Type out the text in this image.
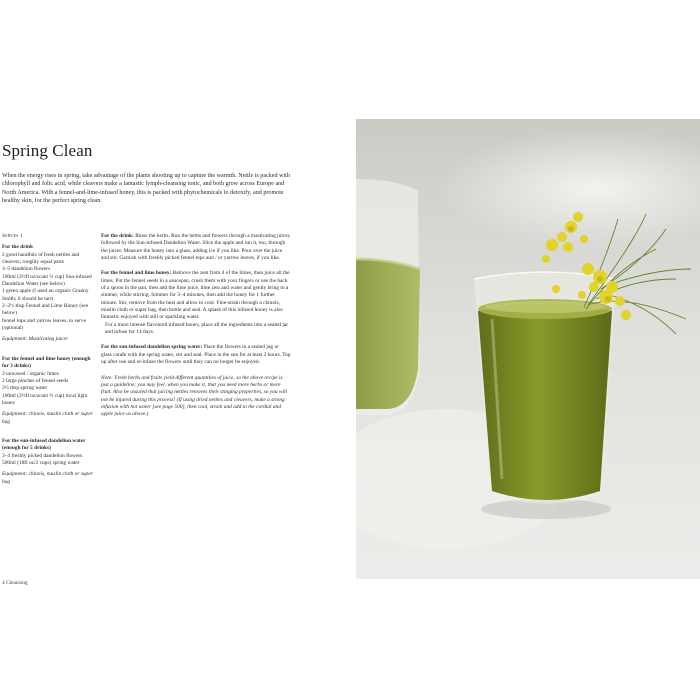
Spring Clean

When the energy rises in spring, take advantage of the plants shooting up to capture the warmth. Nettle is packed with chlorophyll and folic acid, while cleavers make a fantastic lymph-cleansing tonic, and both grow across Europe and North America. With a fennel-and-lime-infused honey, this is packed with phytochemicals to detoxify, and promote healthy skin, for the perfect spring clean.

Serves 1

For the drink

2 good handfuls of fresh nettles and cleavers, roughly equal parts

3–5 dandelion flowers

100ml (3½fl oz/scant ½ cup) Sun-infused Dandelion Water (see below)

1 green apple (I used an organic Granny Smith; it should be tart)

2–2½ tbsp Fennel and Lime Honey (see below)

fennel tops and yarrow leaves, to serve (optional)

Equipment: Masticating juicer

For the fennel and lime honey (enough for 3 drinks)

3 unwaxed / organic limes

2 large pinches of fennel seeds

3½ tbsp spring water

100ml (3½fl oz/scant ½ cup) local light honey

Equipment: chinois, muslin cloth or super bag

For the sun-infused dandelion water (enough for 5 drinks)

3–4 freshly picked dandelion flowers

500ml (18fl oz/2 cups) spring water

Equipment: chinois, muslin cloth or super bag

For the drink: Rinse the herbs. Run the herbs and flowers through a masticating juicer, followed by the Sun-infused Dandelion Water. Slice the apple and run it, too, through the juicer. Measure the honey into a glass, adding ice if you like. Pour over the juice and stir. Garnish with freshly picked fennel tops and / or yarrow leaves, if you like.

For the fennel and lime honey: Remove the zest from 4 of the limes, then juice all the limes. Put the fennel seeds in a saucepan, crush them with your fingers or use the back of a spoon in the pan, then add the lime juice, lime zest and water and gently bring to a simmer, while stirring. Simmer for 3–4 minutes, then add the honey for 1 further minute. Stir, remove from the heat and allow to cool. Fine-strain through a chinois, muslin cloth or super bag, then bottle and seal. A splash of this infused honey is also fantastic enjoyed with still or sparkling water.

For a more intense flavoured infused honey, place all the ingredients into a sealed jar and infuse for 14 days.

For the sun-infused dandelion spring water: Place the flowers in a sealed jug or glass carafe with the spring water, stir and seal. Place in the sun for at least 2 hours. Top up after use and re-infuse the flowers until they can no longer be enjoyed.

Note: Fresh herbs and fruits yield different quantities of juice, so the above recipe is just a guideline; you may feel, when you make it, that you need more herbs or more fruit. Also be assured that juicing nettles removes their stinging properties, so you will not be injured during this process! (If using dried nettles and cleavers, make a strong infusion with hot water [see page 500], then cool, strain and add to the cordial and apple juice as above.)

4 Cleansing
